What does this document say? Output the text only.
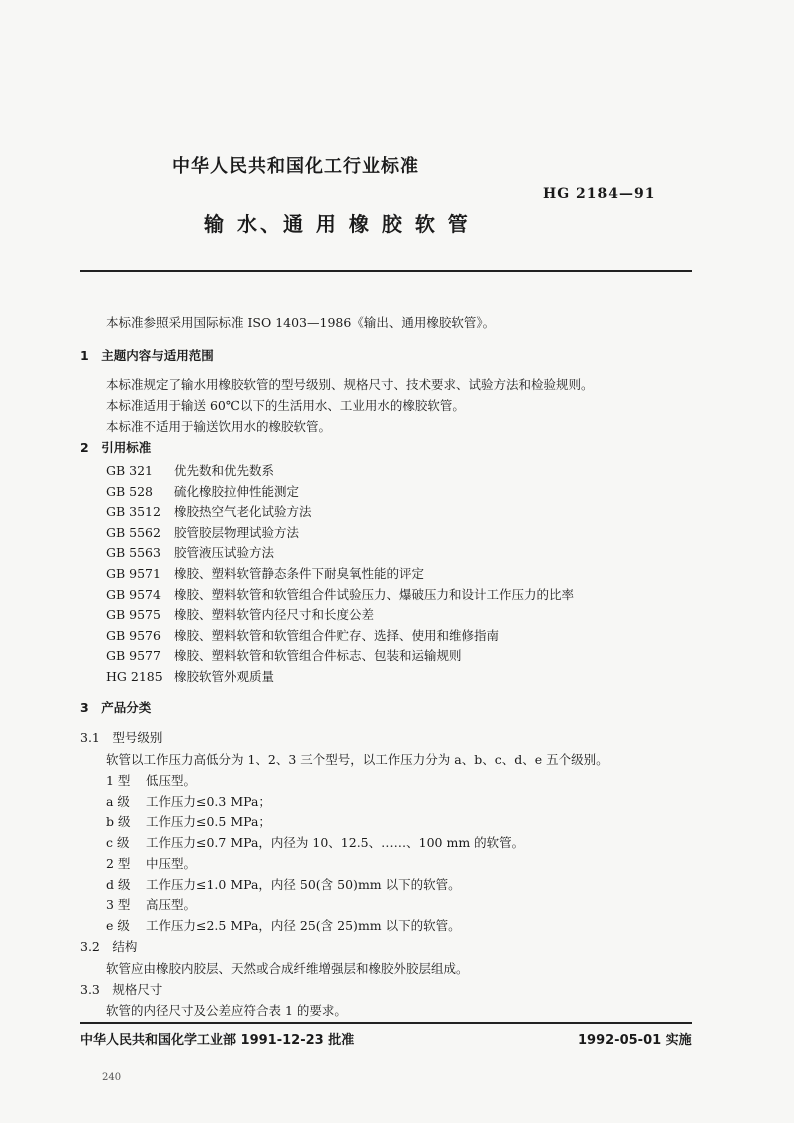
中华人民共和国化工行业标准
HG 2184—91
输 水、通 用 橡 胶 软 管
本标准参照采用国际标准 ISO 1403—1986《输出、通用橡胶软管》。
1　主题内容与适用范围
本标准规定了输水用橡胶软管的型号级别、规格尺寸、技术要求、试验方法和检验规则。
本标准适用于输送 60℃以下的生活用水、工业用水的橡胶软管。
本标准不适用于输送饮用水的橡胶软管。
2　引用标准
GB 321 优先数和优先数系
GB 528 硫化橡胶拉伸性能测定
GB 3512 橡胶热空气老化试验方法
GB 5562 胶管胶层物理试验方法
GB 5563 胶管液压试验方法
GB 9571 橡胶、塑料软管静态条件下耐臭氧性能的评定
GB 9574 橡胶、塑料软管和软管组合件试验压力、爆破压力和设计工作压力的比率
GB 9575 橡胶、塑料软管内径尺寸和长度公差
GB 9576 橡胶、塑料软管和软管组合件贮存、选择、使用和维修指南
GB 9577 橡胶、塑料软管和软管组合件标志、包装和运输规则
HG 2185 橡胶软管外观质量
3　产品分类
3.1　型号级别
软管以工作压力高低分为 1、2、3 三个型号，以工作压力分为 a、b、c、d、e 五个级别。
1 型 低压型。
a 级 工作压力≤0.3 MPa；
b 级 工作压力≤0.5 MPa；
c 级 工作压力≤0.7 MPa，内径为 10、12.5、……、100 mm 的软管。
2 型 中压型。
d 级 工作压力≤1.0 MPa，内径 50(含 50)mm 以下的软管。
3 型 高压型。
e 级 工作压力≤2.5 MPa，内径 25(含 25)mm 以下的软管。
3.2　结构
软管应由橡胶内胶层、天然或合成纤维增强层和橡胶外胶层组成。
3.3　规格尺寸
软管的内径尺寸及公差应符合表 1 的要求。
中华人民共和国化学工业部 1991-12-23 批准	1992-05-01 实施
240
